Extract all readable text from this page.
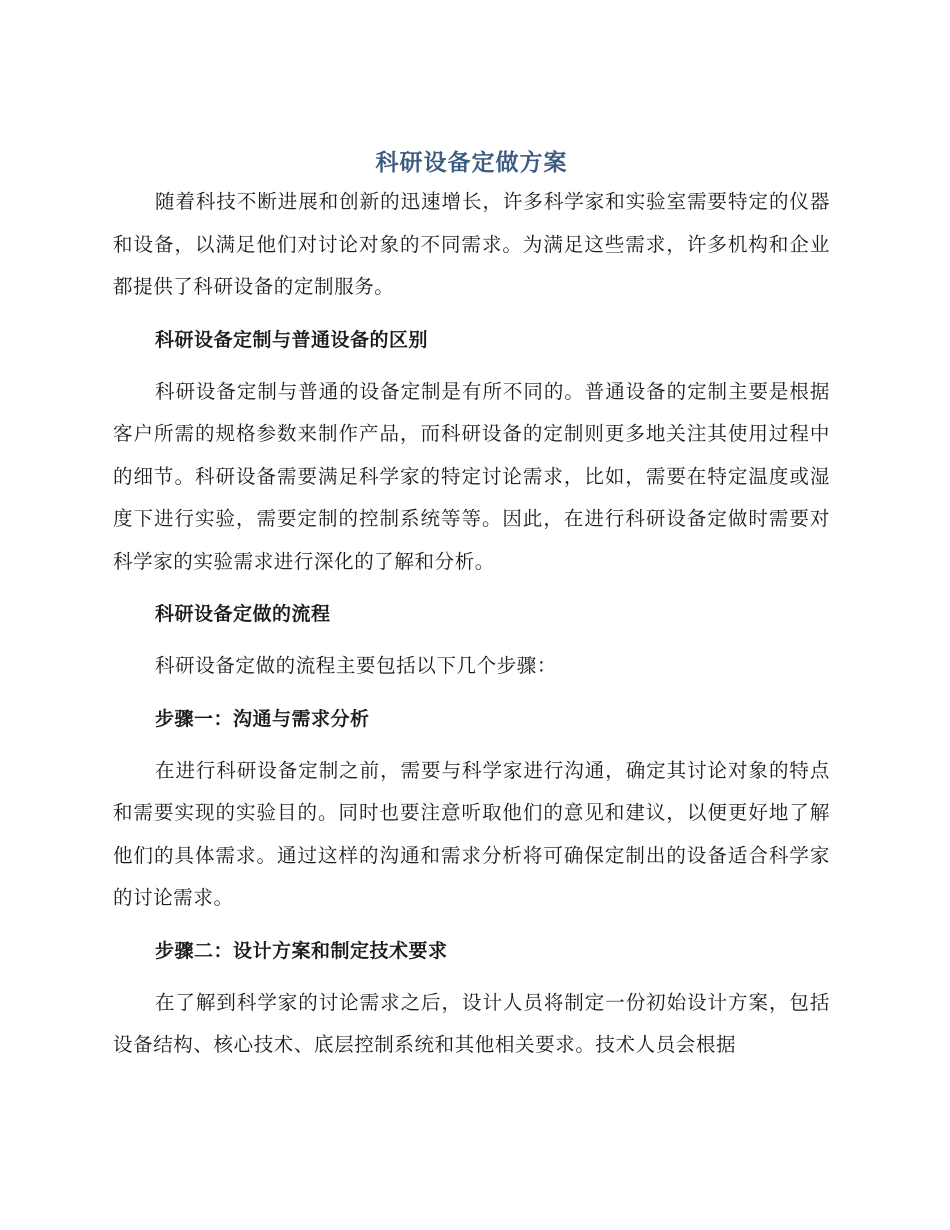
科研设备定做方案

随着科技不断进展和创新的迅速增长，许多科学家和实验室需要特定的仪器和设备，以满足他们对讨论对象的不同需求。为满足这些需求，许多机构和企业都提供了科研设备的定制服务。

科研设备定制与普通设备的区别

科研设备定制与普通的设备定制是有所不同的。普通设备的定制主要是根据客户所需的规格参数来制作产品，而科研设备的定制则更多地关注其使用过程中的细节。科研设备需要满足科学家的特定讨论需求，比如，需要在特定温度或湿度下进行实验，需要定制的控制系统等等。因此，在进行科研设备定做时需要对科学家的实验需求进行深化的了解和分析。

科研设备定做的流程

科研设备定做的流程主要包括以下几个步骤：

步骤一：沟通与需求分析

在进行科研设备定制之前，需要与科学家进行沟通，确定其讨论对象的特点和需要实现的实验目的。同时也要注意听取他们的意见和建议，以便更好地了解他们的具体需求。通过这样的沟通和需求分析将可确保定制出的设备适合科学家的讨论需求。

步骤二：设计方案和制定技术要求

在了解到科学家的讨论需求之后，设计人员将制定一份初始设计方案，包括设备结构、核心技术、底层控制系统和其他相关要求。技术人员会根据
